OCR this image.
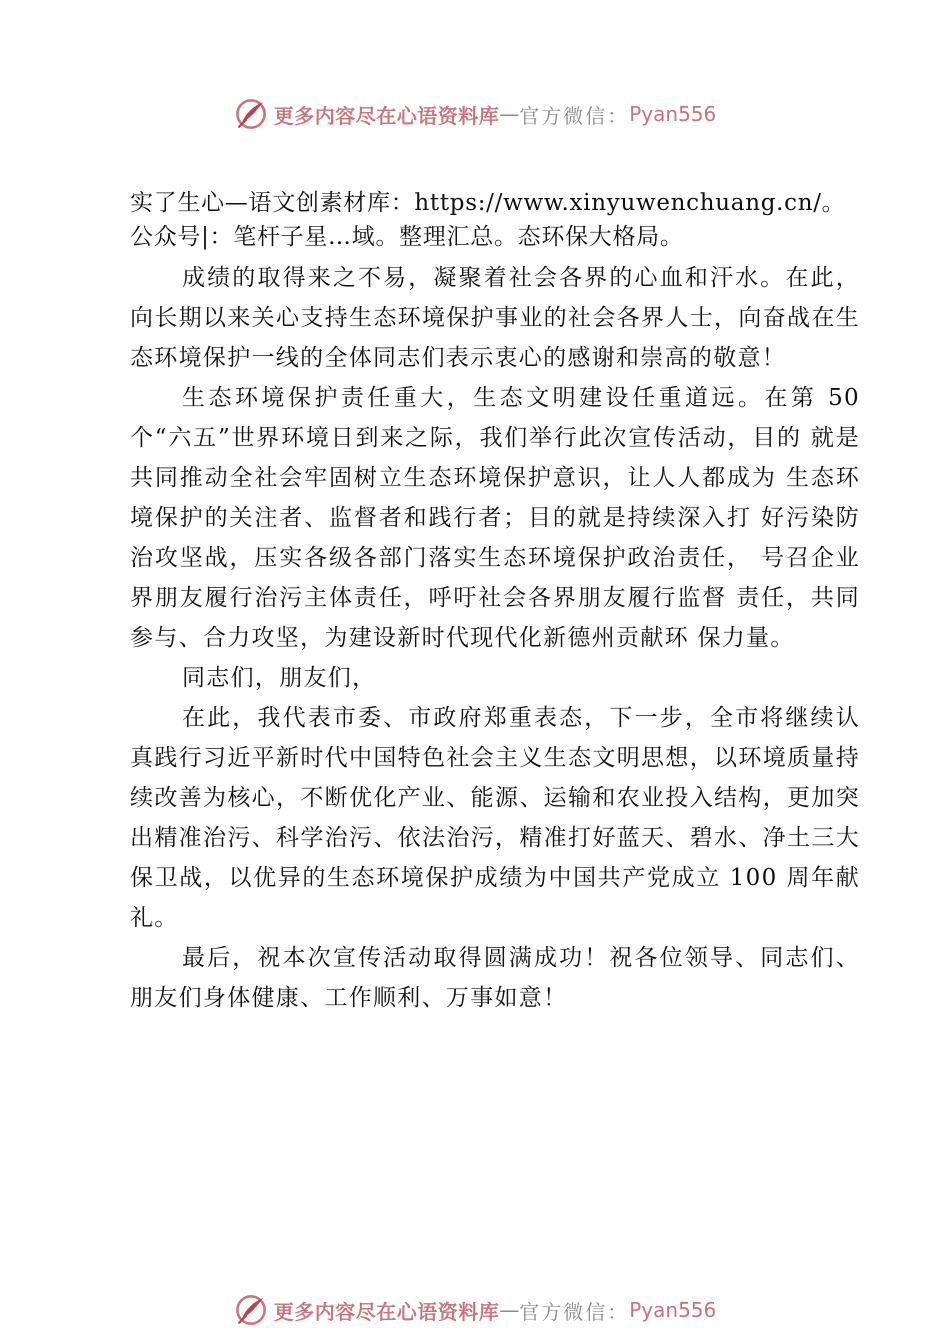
更多内容尽在心语资料库 — 官方微信： Pyan556

实了生心—语文创素材库：https://www.xinyuwenchuang.cn/。

公众号|：笔杆子星…域。整理汇总。态环保大格局。

成绩的取得来之不易，凝聚着社会各界的心血和汗水。在此，向长期以来关心支持生态环境保护事业的社会各界人士，向奋战在生态环境保护一线的全体同志们表示衷心的感谢和崇高的敬意！

生态环境保护责任重大，生态文明建设任重道远。在第 50 个“六五”世界环境日到来之际，我们举行此次宣传活动，目的 就是共同推动全社会牢固树立生态环境保护意识，让人人都成为 生态环境保护的关注者、监督者和践行者；目的就是持续深入打 好污染防治攻坚战，压实各级各部门落实生态环境保护政治责任， 号召企业界朋友履行治污主体责任，呼吁社会各界朋友履行监督 责任，共同参与、合力攻坚，为建设新时代现代化新德州贡献环 保力量。

同志们，朋友们，

在此，我代表市委、市政府郑重表态，下一步，全市将继续认真践行习近平新时代中国特色社会主义生态文明思想，以环境质量持续改善为核心，不断优化产业、能源、运输和农业投入结构，更加突出精准治污、科学治污、依法治污，精准打好蓝天、碧水、净土三大保卫战，以优异的生态环境保护成绩为中国共产党成立 100 周年献礼。

最后，祝本次宣传活动取得圆满成功！祝各位领导、同志们、朋友们身体健康、工作顺利、万事如意！

更多内容尽在心语资料库 — 官方微信： Pyan556
